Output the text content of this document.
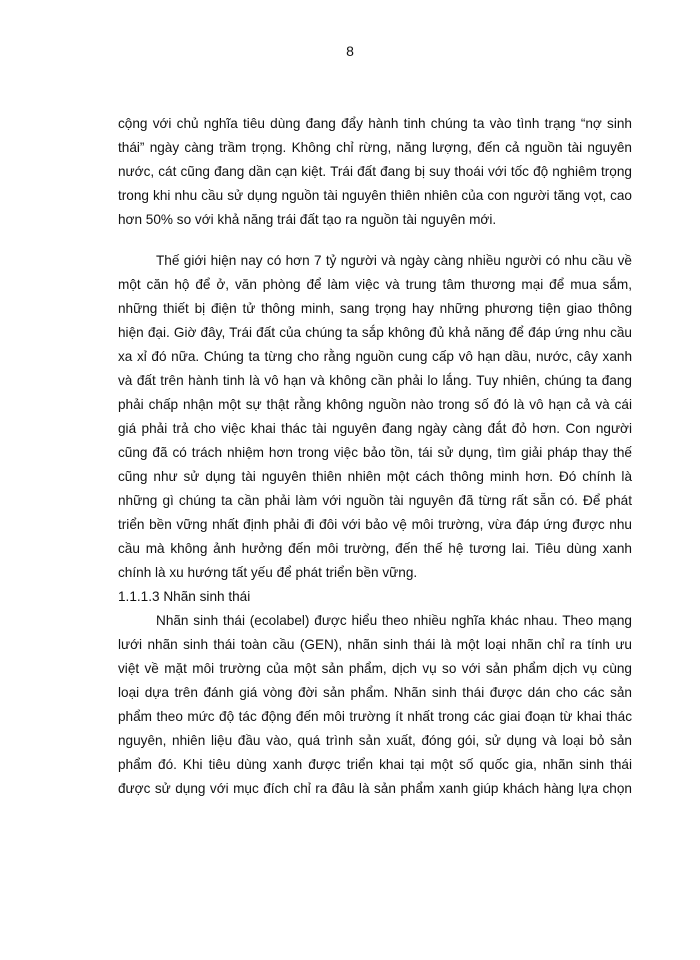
8
cộng với chủ nghĩa tiêu dùng đang đẩy hành tinh chúng ta vào tình trạng “nợ sinh
thái” ngày càng trầm trọng. Không chỉ rừng, năng lượng, đến cả nguồn tài nguyên
nước, cát cũng đang dần cạn kiệt. Trái đất đang bị suy thoái với tốc độ nghiêm trọng
trong khi nhu cầu sử dụng nguồn tài nguyên thiên nhiên của con người tăng vọt, cao
hơn 50% so với khả năng trái đất tạo ra nguồn tài nguyên mới.
Thế giới hiện nay có hơn 7 tỷ người và ngày càng nhiều người có nhu cầu về
một căn hộ để ở, văn phòng để làm việc và trung tâm thương mại để mua sắm,
những thiết bị điện tử thông minh, sang trọng hay những phương tiện giao thông
hiện đại. Giờ đây, Trái đất của chúng ta sắp không đủ khả năng để đáp ứng nhu cầu
xa xỉ đó nữa. Chúng ta từng cho rằng nguồn cung cấp vô hạn dầu, nước, cây xanh
và đất trên hành tinh là vô hạn và không cần phải lo lắng. Tuy nhiên, chúng ta đang
phải chấp nhận một sự thật rằng không nguồn nào trong số đó là vô hạn cả và cái
giá phải trả cho việc khai thác tài nguyên đang ngày càng đắt đỏ hơn. Con người
cũng đã có trách nhiệm hơn trong việc bảo tồn, tái sử dụng, tìm giải pháp thay thế
cũng như sử dụng tài nguyên thiên nhiên một cách thông minh hơn. Đó chính là
những gì chúng ta cần phải làm với nguồn tài nguyên đã từng rất sẵn có. Để phát
triển bền vững nhất định phải đi đôi với bảo vệ môi trường, vừa đáp ứng được nhu
cầu mà không ảnh hưởng đến môi trường, đến thế hệ tương lai. Tiêu dùng xanh
chính là xu hướng tất yếu để phát triển bền vững.
1.1.1.3 Nhãn sinh thái
Nhãn sinh thái (ecolabel) được hiểu theo nhiều nghĩa khác nhau. Theo mạng
lưới nhãn sinh thái toàn cầu (GEN), nhãn sinh thái là một loại nhãn chỉ ra tính ưu
việt về mặt môi trường của một sản phẩm, dịch vụ so với sản phẩm dịch vụ cùng
loại dựa trên đánh giá vòng đời sản phẩm. Nhãn sinh thái được dán cho các sản
phẩm theo mức độ tác động đến môi trường ít nhất trong các giai đoạn từ khai thác
nguyên, nhiên liệu đầu vào, quá trình sản xuất, đóng gói, sử dụng và loại bỏ sản
phẩm đó. Khi tiêu dùng xanh được triển khai tại một số quốc gia, nhãn sinh thái
được sử dụng với mục đích chỉ ra đâu là sản phẩm xanh giúp khách hàng lựa chọn
